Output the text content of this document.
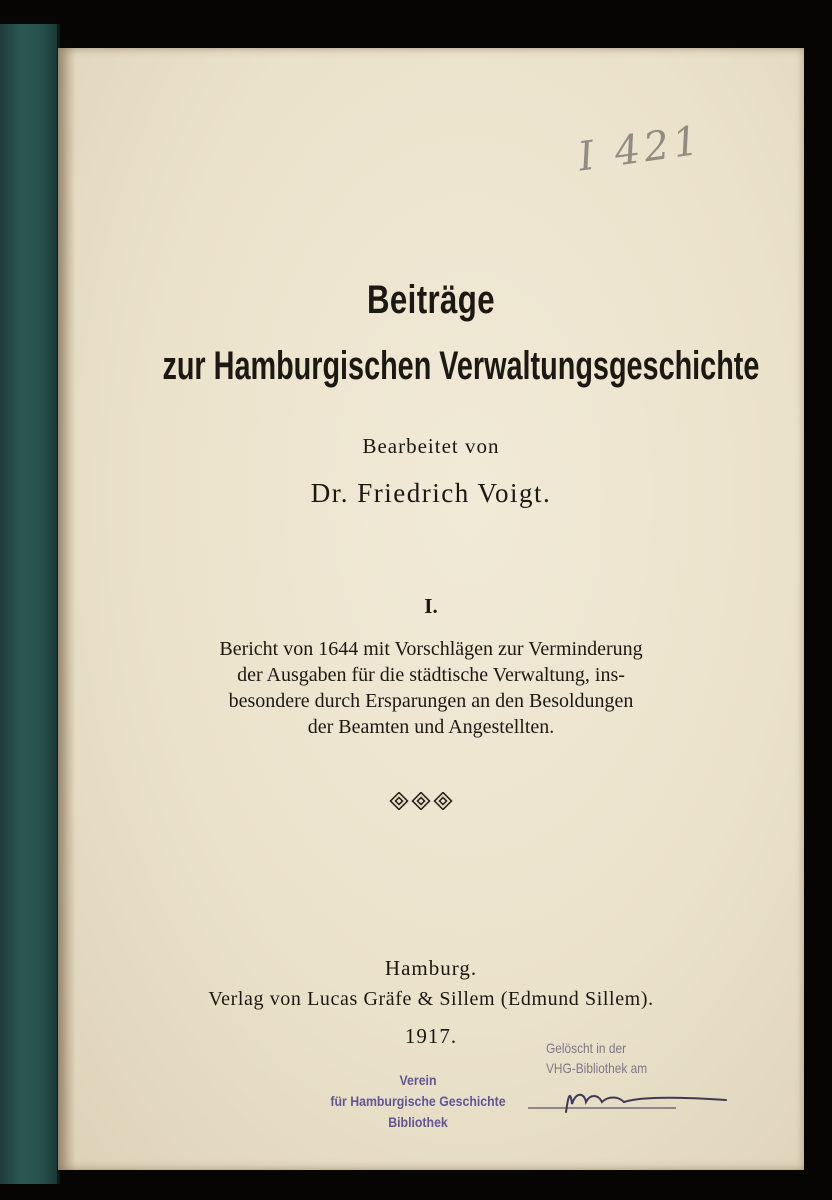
I 421
Beiträge
zur Hamburgischen Verwaltungsgeschichte
Bearbeitet von
Dr. Friedrich Voigt.
I.
Bericht von 1644 mit Vorschlägen zur Verminderung
der Ausgaben für die städtische Verwaltung, ins-
besondere durch Ersparungen an den Besoldungen
der Beamten und Angestellten.
Hamburg.
Verlag von Lucas Gräfe & Sillem (Edmund Sillem).
1917.
Verein
für Hamburgische Geschichte
Bibliothek
Gelöscht in der
VHG-Bibliothek am
